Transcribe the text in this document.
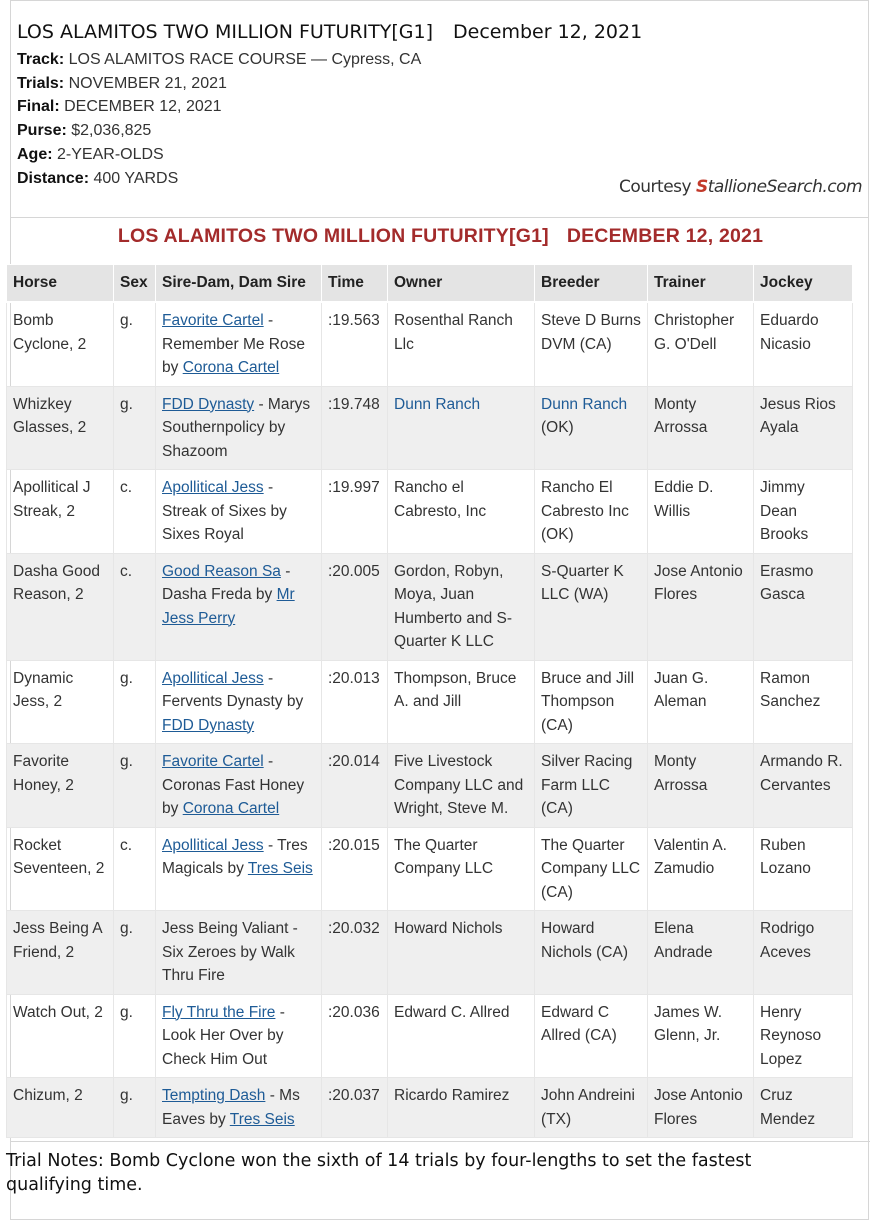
LOS ALAMITOS TWO MILLION FUTURITY[G1] December 12, 2021
Track: LOS ALAMITOS RACE COURSE — Cypress, CA
Trials: NOVEMBER 21, 2021
Final: DECEMBER 12, 2021
Purse: $2,036,825
Age: 2-YEAR-OLDS
Distance: 400 YARDS	Courtesy StallioneSearch.com
LOS ALAMITOS TWO MILLION FUTURITY[G1] DECEMBER 12, 2021
Horse	Sex	Sire-Dam, Dam Sire	Time	Owner	Breeder	Trainer	Jockey
Bomb Cyclone, 2	g.	Favorite Cartel - Remember Me Rose by Corona Cartel	:19.563	Rosenthal Ranch Llc	Steve D Burns DVM (CA)	Christopher G. O'Dell	Eduardo Nicasio
Whizkey Glasses, 2	g.	FDD Dynasty - Marys Southernpolicy by Shazoom	:19.748	Dunn Ranch	Dunn Ranch (OK)	Monty Arrossa	Jesus Rios Ayala
Apollitical J Streak, 2	c.	Apollitical Jess - Streak of Sixes by Sixes Royal	:19.997	Rancho el Cabresto, Inc	Rancho El Cabresto Inc (OK)	Eddie D. Willis	Jimmy Dean Brooks
Dasha Good Reason, 2	c.	Good Reason Sa - Dasha Freda by Mr Jess Perry	:20.005	Gordon, Robyn, Moya, Juan Humberto and S-Quarter K LLC	S-Quarter K LLC (WA)	Jose Antonio Flores	Erasmo Gasca
Dynamic Jess, 2	g.	Apollitical Jess - Fervents Dynasty by FDD Dynasty	:20.013	Thompson, Bruce A. and Jill	Bruce and Jill Thompson (CA)	Juan G. Aleman	Ramon Sanchez
Favorite Honey, 2	g.	Favorite Cartel - Coronas Fast Honey by Corona Cartel	:20.014	Five Livestock Company LLC and Wright, Steve M.	Silver Racing Farm LLC (CA)	Monty Arrossa	Armando R. Cervantes
Rocket Seventeen, 2	c.	Apollitical Jess - Tres Magicals by Tres Seis	:20.015	The Quarter Company LLC	The Quarter Company LLC (CA)	Valentin A. Zamudio	Ruben Lozano
Jess Being A Friend, 2	g.	Jess Being Valiant - Six Zeroes by Walk Thru Fire	:20.032	Howard Nichols	Howard Nichols (CA)	Elena Andrade	Rodrigo Aceves
Watch Out, 2	g.	Fly Thru the Fire - Look Her Over by Check Him Out	:20.036	Edward C. Allred	Edward C Allred (CA)	James W. Glenn, Jr.	Henry Reynoso Lopez
Chizum, 2	g.	Tempting Dash - Ms Eaves by Tres Seis	:20.037	Ricardo Ramirez	John Andreini (TX)	Jose Antonio Flores	Cruz Mendez
Trial Notes: Bomb Cyclone won the sixth of 14 trials by four-lengths to set the fastest qualifying time.
